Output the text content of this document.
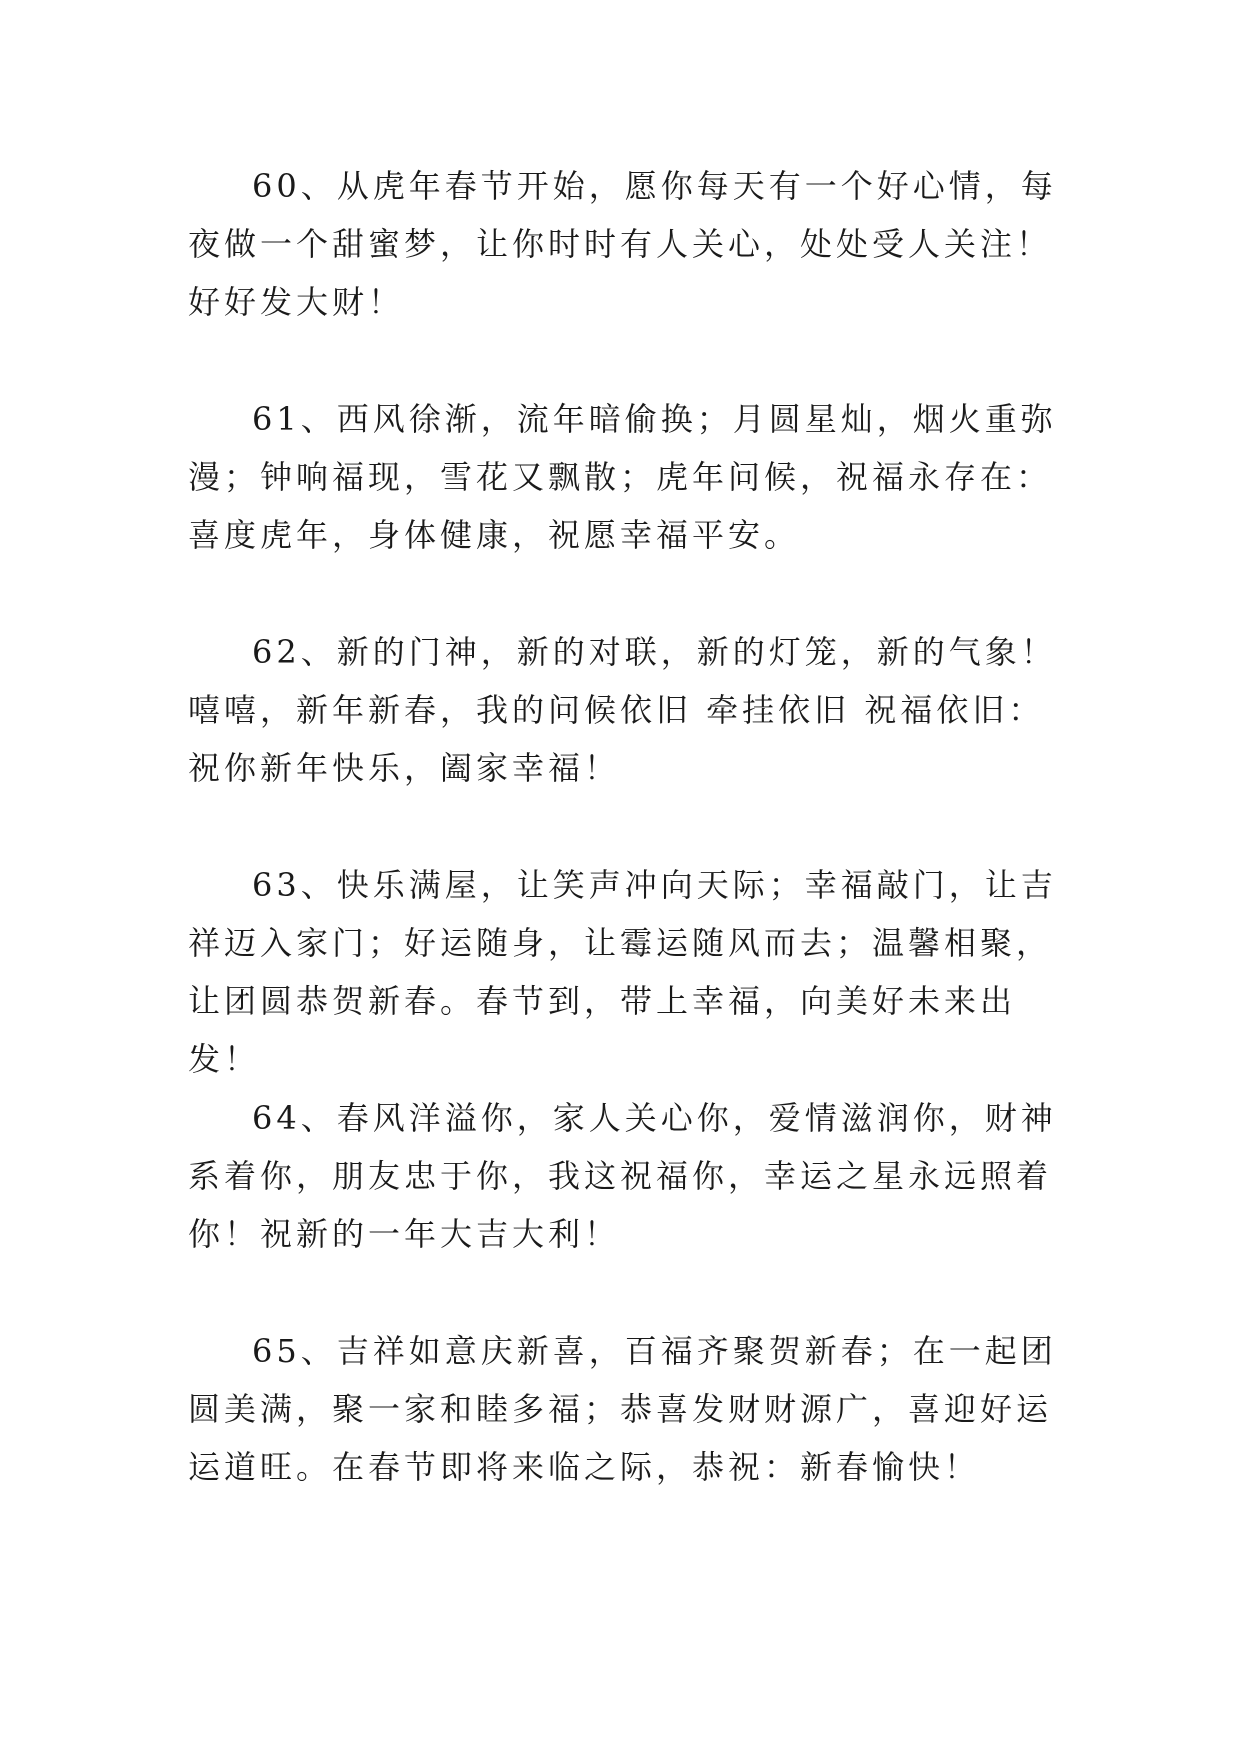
60、从虎年春节开始，愿你每天有一个好心情，每夜做一个甜蜜梦，让你时时有人关心，处处受人关注！好好发大财！

61、西风徐渐，流年暗偷换；月圆星灿，烟火重弥漫；钟响福现，雪花又飘散；虎年问候，祝福永存在：喜度虎年，身体健康，祝愿幸福平安。

62、新的门神，新的对联，新的灯笼，新的气象！嘻嘻，新年新春，我的问候依旧 牵挂依旧 祝福依旧：祝你新年快乐，阖家幸福！

63、快乐满屋，让笑声冲向天际；幸福敲门，让吉祥迈入家门；好运随身，让霉运随风而去；温馨相聚，让团圆恭贺新春。春节到，带上幸福，向美好未来出发！

64、春风洋溢你，家人关心你，爱情滋润你，财神系着你，朋友忠于你，我这祝福你，幸运之星永远照着你！祝新的一年大吉大利！

65、吉祥如意庆新喜，百福齐聚贺新春；在一起团圆美满，聚一家和睦多福；恭喜发财财源广，喜迎好运运道旺。在春节即将来临之际，恭祝：新春愉快！
